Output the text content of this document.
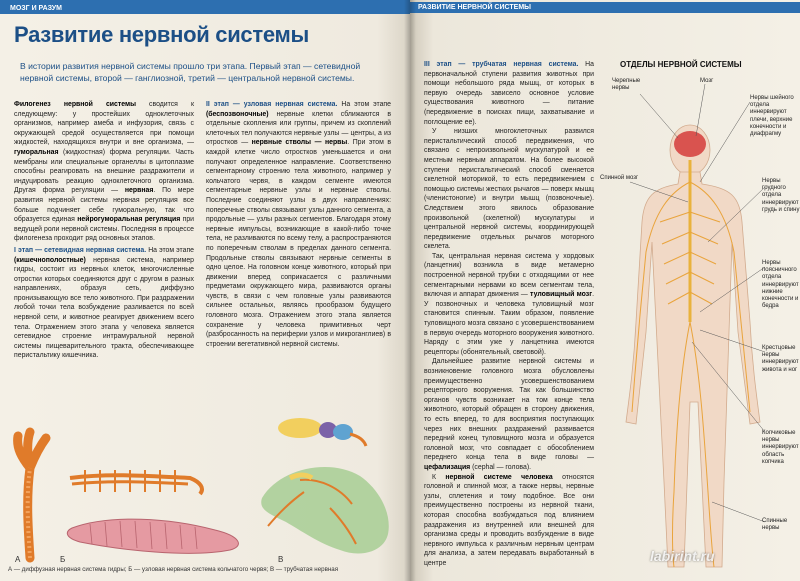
МОЗГ И РАЗУМ
Развитие нервной системы
В истории развития нервной системы прошло три этапа. Первый этап — сетевидной нервной системы, второй — ганглиозной, третий — центральной нервной системы.

Филогенез нервной системы сводится к следующему: у простейших одноклеточных организмов, например амеба и инфузория, связь с окружающей средой осуществляется при помощи жидкостей, находящихся внутри и вне организма, — гуморальная (жидкостная) форма регуляции. Часть мембраны или специальные органеллы в цитоплазме способны реагировать на внешние раздражители и индуцировать реакцию одноклеточного организма. Другая форма регуляции — нервная. По мере развития нервной системы нервная регуляция все больше подчиняет себе гуморальную, так что образуется единая нейрогуморальная регуляция при ведущей роли нервной системы. Последняя в процессе филогенеза проходит ряд основных этапов.

I этап — сетевидная нервная система. На этом этапе (кишечнополостные) нервная система, например гидры, состоит из нервных клеток, многочисленные отростки которых соединяются друг с другом в разных направлениях, образуя сеть, диффузно пронизывающую все тело животного. При раздражении любой точки тела возбуждение разливается по всей нервной сети, и животное реагирует движением всего тела. Отражением этого этапа у человека является сетевидное строение интрамуральной нервной системы пищеварительного тракта, обеспечивающее перистальтику кишечника.

II этап — узловая нервная система. На этом этапе (беспозвоночные) нервные клетки сближаются в отдельные скопления или группы, причем из скоплений клеточных тел получаются нервные узлы — центры, а из отростков — нервные стволы — нервы. При этом в каждой клетке число отростков уменьшается и они получают определенное направление. Соответственно сегментарному строению тела животного, например у кольчатого червя, в каждом сегменте имеются сегментарные нервные узлы и нервные стволы. Последние соединяют узлы в двух направлениях: поперечные стволы связывают узлы данного сегмента, а продольные — узлы разных сегментов. Благодаря этому нервные импульсы, возникающие в какой-либо точке тела, не разливаются по всему телу, а распространяются по поперечным стволам в пределах данного сегмента. Продольные стволы связывают нервные сегменты в одно целое. На головном конце животного, который при движении вперед соприкасается с различными предметами окружающего мира, развиваются органы чувств, в связи с чем головные узлы развиваются сильнее остальных, являясь прообразом будущего головного мозга. Отражением этого этапа является сохранение у человека примитивных черт (разбросанность на периферии узлов и микроганглиев) в строении вегетативной нервной системы.

А	Б	В
А — диффузная нервная система гидры; Б — узловая нервная система кольчатого червя; В — трубчатая нервная
РАЗВИТИЕ НЕРВНОЙ СИСТЕМЫ

III этап — трубчатая нервная система. На первоначальной ступени развития животных при помощи небольшого ряда мышц, от которых в первую очередь зависело основное условие существования животного — питание (передвижение в поисках пищи, захватывание и поглощение ее).

У низших многоклеточных развился перистальтический способ передвижения, что связано с непроизвольной мускулатурой и ее местным нервным аппаратом. На более высокой ступени перистальтический способ сменяется скелетной моторикой, то есть передвижением с помощью системы жестких рычагов — поверх мышц (членистоногие) и внутри мышц (позвоночные). Следствием этого явилось образование произвольной (скелетной) мускулатуры и центральной нервной системы, координирующей передвижение отдельных рычагов моторного скелета.

Так, центральная нервная система у хордовых (ланцетник) возникла в виде метамерно построенной нервной трубки с отходящими от нее сегментарными нервами ко всем сегментам тела, включая и аппарат движения — туловищный мозг. У позвоночных и человека туловищный мозг становится спинным. Таким образом, появление туловищного мозга связано с усовершенствованием в первую очередь моторного вооружения животного. Наряду с этим уже у ланцетника имеются рецепторы (обонятельный, световой).

Дальнейшее развитие нервной системы и возникновение головного мозга обусловлены преимущественно усовершенствованием рецепторного вооружения. Так как большинство органов чувств возникает на том конце тела животного, который обращен в сторону движения, то есть вперед, то для восприятия поступающих через них внешних раздражений развивается передний конец туловищного мозга и образуется головной мозг, что совпадает с обособлением переднего конца тела в виде головы — цефализация (cephal — голова).

К нервной системе человека относятся головной и спинной мозг, а также нервы, нервные узлы, сплетения и тому подобное. Все они преимущественно построены из нервной ткани, которая способна возбуждаться под влиянием раздражения из внутренней или внешней для организма среды и проводить возбуждение в виде нервного импульса к различным нервным центрам для анализа, а затем передавать выработанный в центре

ОТДЕЛЫ НЕРВНОЙ СИСТЕМЫ
Черепные нервы
Мозг
Нервы шейного отдела иннервируют плечи, верхние конечности и диафрагму
Спинной мозг	Нервы грудного отдела иннервируют грудь и спину
Нервы поясничного отдела иннервируют нижние конечности и бедра
Крестцовые нервы иннервируют живота и ног
Копчиковые нервы иннервируют область копчика
Спинные нервы
labirint.ru
